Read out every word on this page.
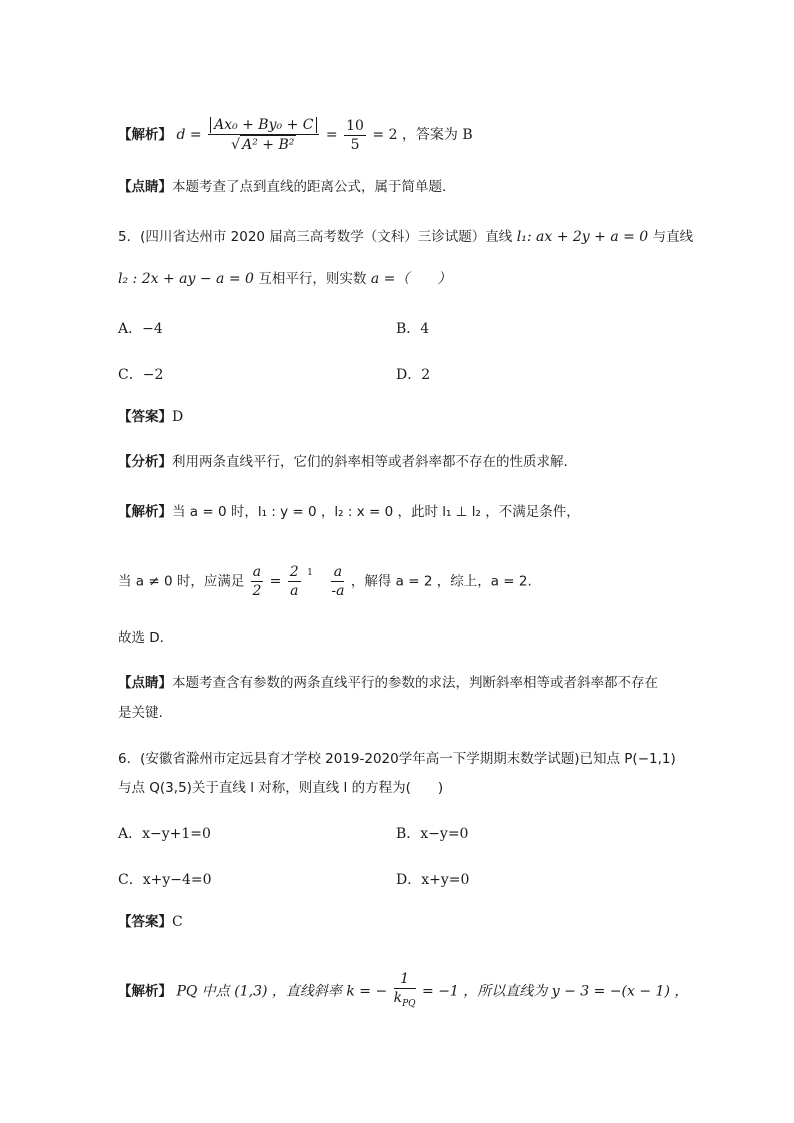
【解析】 $d = \frac{\text{Ax₀ + By₀ + C}}{\text{√ A² + B²}} = \frac{10}{5} = 2$ ，答案为 B
【点睛】本题考查了点到直线的距离公式，属于简单题.
5．(四川省达州市 2020 届高三高考数学（文科）三诊试题）直线 l₁: ax + 2y + a = 0 与直线
l₂ : 2x + ay − a = 0 互相平行，则实数 a =（　　）
A．−4	B．4
C．−2	D．2
【答案】D
【分析】利用两条直线平行，它们的斜率相等或者斜率都不存在的性质求解.
【解析】当 a = 0 时，l₁ : y = 0 ，l₂ : x = 0 ，此时 l₁ ⊥ l₂ ，不满足条件，
当 a ≠ 0 时，应满足 $\frac{a}{2} = \frac{2}{a} ^1 \frac{a}{-a}$ ，解得 a = 2 ，综上，a = 2.
故选 D.
【点睛】本题考查含有参数的两条直线平行的参数的求法，判断斜率相等或者斜率都不存在
是关键.
6．(安徽省滁州市定远县育才学校 2019-2020学年高一下学期期末数学试题)已知点 P(−1,1)
与点 Q(3,5)关于直线 l 对称，则直线 l 的方程为(　　)
A．x−y+1=0	B．x−y=0
C．x+y−4=0	D．x+y=0
【答案】C
【解析】 PQ 中点 (1,3) ，直线斜率 k = − $\frac{1}{k_{PQ}} = -1$ ，所以直线为 y − 3 = −(x − 1) ，
